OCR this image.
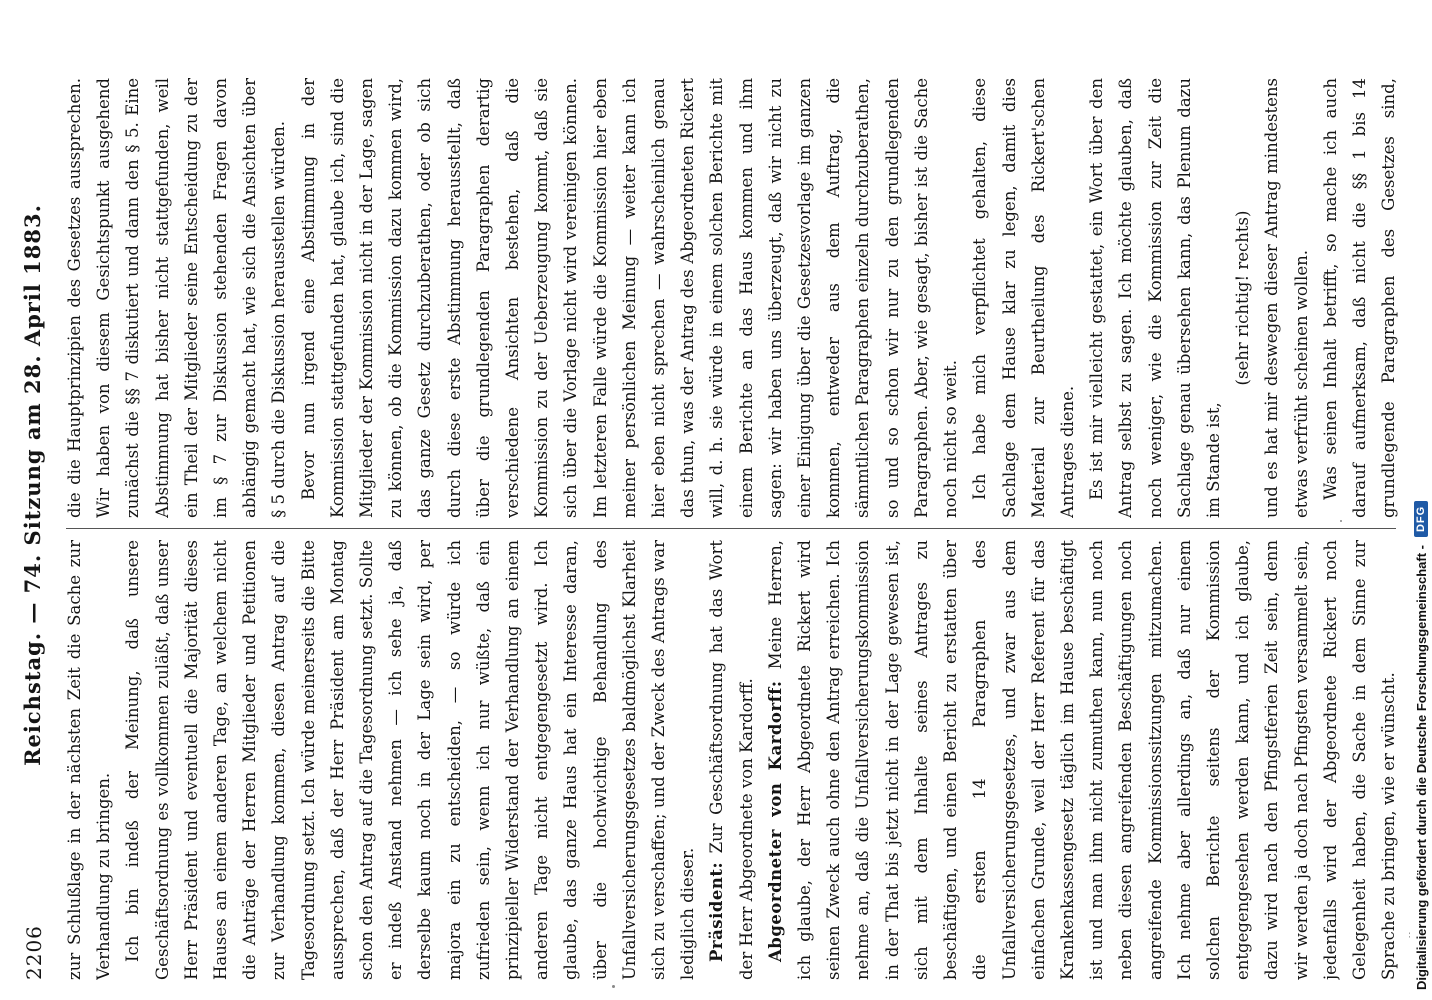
2206
Reichstag. — 74. Sitzung am 28. April 1883.	zur Schlußlage in der nächsten Zeit die Sache zur Verhandlung zu bringen. Ich bin indeß der Meinung, daß unsere Geschäftsordnung es vollkommen zuläßt, daß unser Herr Präsident und eventuell die Majorität dieses Hauses an einem anderen Tage, an welchem nicht die Anträge der Herren Mitglieder und Petitionen zur Verhandlung kommen, diesen Antrag auf die Tagesordnung setzt. Ich würde meinerseits die Bitte aussprechen, daß der Herr Präsident am Montag schon den Antrag auf die Tagesordnung setzt. Sollte er indeß Anstand nehmen — ich sehe ja, daß derselbe kaum noch in der Lage sein wird, per majora ein zu entscheiden, — so würde ich zufrieden sein, wenn ich nur wüßte, daß ein prinzipieller Widerstand der Verhandlung an einem anderen Tage nicht entgegengesetzt wird. Ich glaube, das ganze Haus hat ein Interesse daran, über die hochwichtige Behandlung des Unfallversicherungsgesetzes baldmöglichst Klarheit sich zu verschaffen; und der Zweck des Antrags war lediglich dieser. Präsident: Zur Geschäftsordnung hat das Wort der Herr Abgeordnete von Kardorff. Abgeordneter von Kardorff: Meine Herren, ich glaube, der Herr Abgeordnete Rickert wird seinen Zweck auch ohne den Antrag erreichen. Ich nehme an, daß die Unfallversicherungskommission in der That bis jetzt nicht in der Lage gewesen ist, sich mit dem Inhalte seines Antrages zu beschäftigen, und einen Bericht zu erstatten über die ersten 14 Paragraphen des Unfallversicherungsgesetzes, und zwar aus dem einfachen Grunde, weil der Herr Referent für das Krankenkassengesetz täglich im Hause beschäftigt ist und man ihm nicht zumuthen kann, nun noch neben diesen angreifenden Beschäftigungen noch angreifende Kommissionssitzungen mitzumachen. Ich nehme aber allerdings an, daß nur einem solchen Berichte seitens der Kommission entgegengesehen werden kann, und ich glaube, dazu wird nach den Pfingstferien Zeit sein, denn wir werden ja doch nach Pfingsten versammelt sein, jedenfalls wird der Abgeordnete Rickert noch Gelegenheit haben, die Sache in dem Sinne zur Sprache zu bringen, wie er wünscht.

die die Hauptprinzipien des Gesetzes aussprechen. Wir haben von diesem Gesichtspunkt ausgehend zunächst die §§ 7 diskutiert und dann den § 5. Eine Abstimmung hat bisher nicht stattgefunden, weil ein Theil der Mitglieder seine Entscheidung zu der im § 7 zur Diskussion stehenden Fragen davon abhängig gemacht hat, wie sich die Ansichten über § 5 durch die Diskussion herausstellen würden. Bevor nun irgend eine Abstimmung in der Kommission stattgefunden hat, glaube ich, sind die Mitglieder der Kommission nicht in der Lage, sagen zu können, ob die Kommission dazu kommen wird, das ganze Gesetz durchzuberathen, oder ob sich durch diese erste Abstimmung herausstellt, daß über die grundlegenden Paragraphen derartig verschiedene Ansichten bestehen, daß die Kommission zu der Ueberzeugung kommt, daß sie sich über die Vorlage nicht wird vereinigen können. Im letzteren Falle würde die Kommission hier eben meiner persönlichen Meinung — weiter kann ich hier eben nicht sprechen — wahrscheinlich genau das thun, was der Antrag des Abgeordneten Rickert will, d. h. sie würde in einem solchen Berichte mit einem Berichte an das Haus kommen und ihm sagen: wir haben uns überzeugt, daß wir nicht zu einer Einigung über die Gesetzesvorlage im ganzen kommen, entweder aus dem Auftrag, die sämmtlichen Paragraphen einzeln durchzuberathen, so und so schon wir nur zu den grundlegenden Paragraphen. Aber, wie gesagt, bisher ist die Sache noch nicht so weit. Ich habe mich verpflichtet gehalten, diese Sachlage dem Hause klar zu legen, damit dies Material zur Beurtheilung des Rickert'schen Antrages diene. Es ist mir vielleicht gestattet, ein Wort über den Antrag selbst zu sagen. Ich möchte glauben, daß noch weniger, wie die Kommission zur Zeit die Sachlage genau übersehen kann, das Plenum dazu im Stande ist,

(sehr richtig! rechts) und es hat mir deswegen dieser Antrag mindestens etwas verfrüht scheinen wollen. Was seinen Inhalt betrifft, so mache ich auch darauf aufmerksam, daß nicht die §§ 1 bis 14 grundlegende Paragraphen des Gesetzes sind,

Digitalisierung gefördert durch die Deutsche Forschungsgemeinschaft -
DFG
